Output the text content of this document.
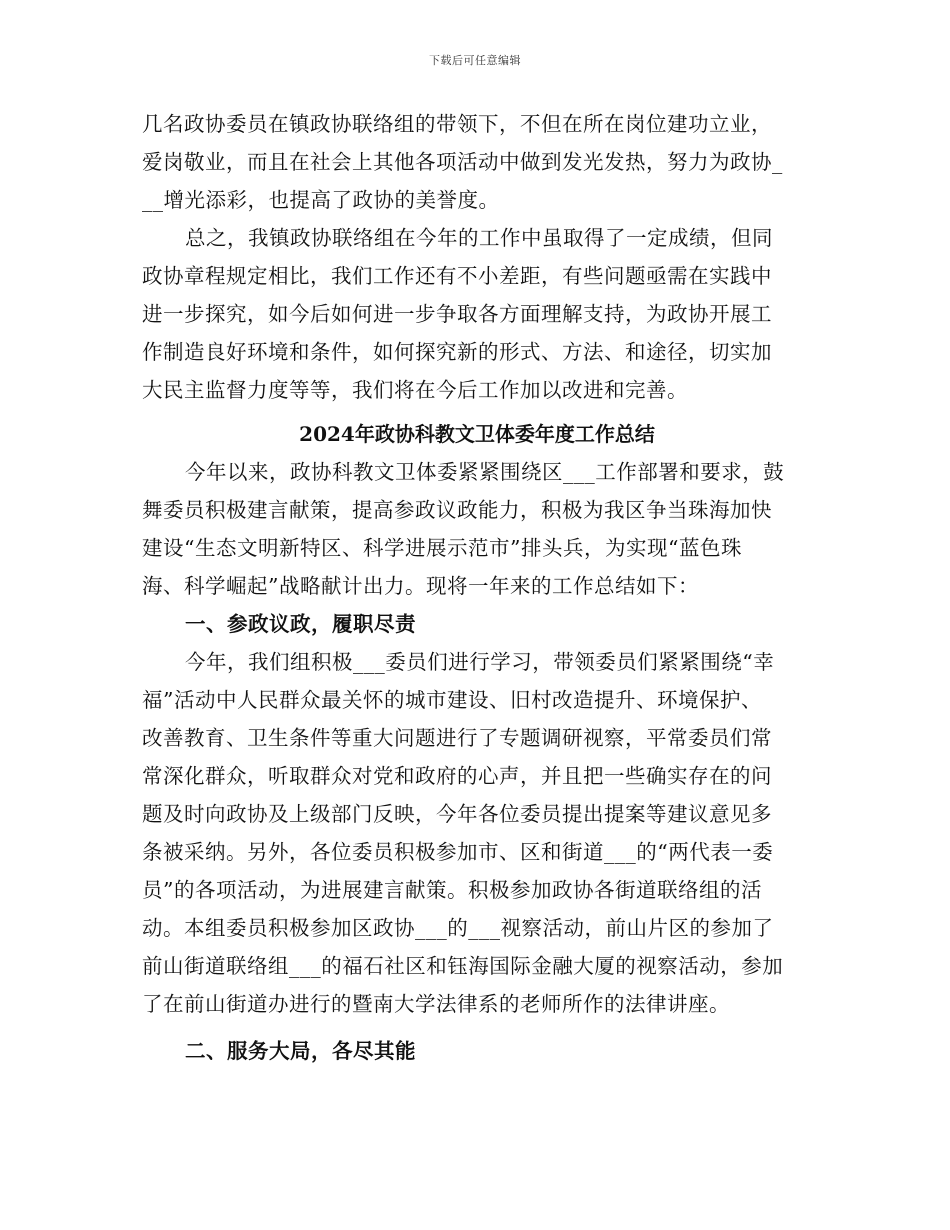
下载后可任意编辑
几名政协委员在镇政协联络组的带领下，不但在所在岗位建功立业，
爱岗敬业，而且在社会上其他各项活动中做到发光发热，努力为政协_
__增光添彩，也提高了政协的美誉度。
总之，我镇政协联络组在今年的工作中虽取得了一定成绩，但同
政协章程规定相比，我们工作还有不小差距，有些问题亟需在实践中
进一步探究，如今后如何进一步争取各方面理解支持，为政协开展工
作制造良好环境和条件，如何探究新的形式、方法、和途径，切实加
大民主监督力度等等，我们将在今后工作加以改进和完善。
2024年政协科教文卫体委年度工作总结
今年以来，政协科教文卫体委紧紧围绕区___工作部署和要求，鼓
舞委员积极建言献策，提高参政议政能力，积极为我区争当珠海加快
建设“生态文明新特区、科学进展示范市”排头兵，为实现“蓝色珠
海、科学崛起”战略献计出力。现将一年来的工作总结如下：
一、参政议政，履职尽责
今年，我们组积极___委员们进行学习，带领委员们紧紧围绕“幸
福”活动中人民群众最关怀的城市建设、旧村改造提升、环境保护、
改善教育、卫生条件等重大问题进行了专题调研视察，平常委员们常
常深化群众，听取群众对党和政府的心声，并且把一些确实存在的问
题及时向政协及上级部门反映，今年各位委员提出提案等建议意见多
条被采纳。另外，各位委员积极参加市、区和街道___的“两代表一委
员”的各项活动，为进展建言献策。积极参加政协各街道联络组的活
动。本组委员积极参加区政协___的___视察活动，前山片区的参加了
前山街道联络组___的福石社区和钰海国际金融大厦的视察活动，参加
了在前山街道办进行的暨南大学法律系的老师所作的法律讲座。
二、服务大局，各尽其能
